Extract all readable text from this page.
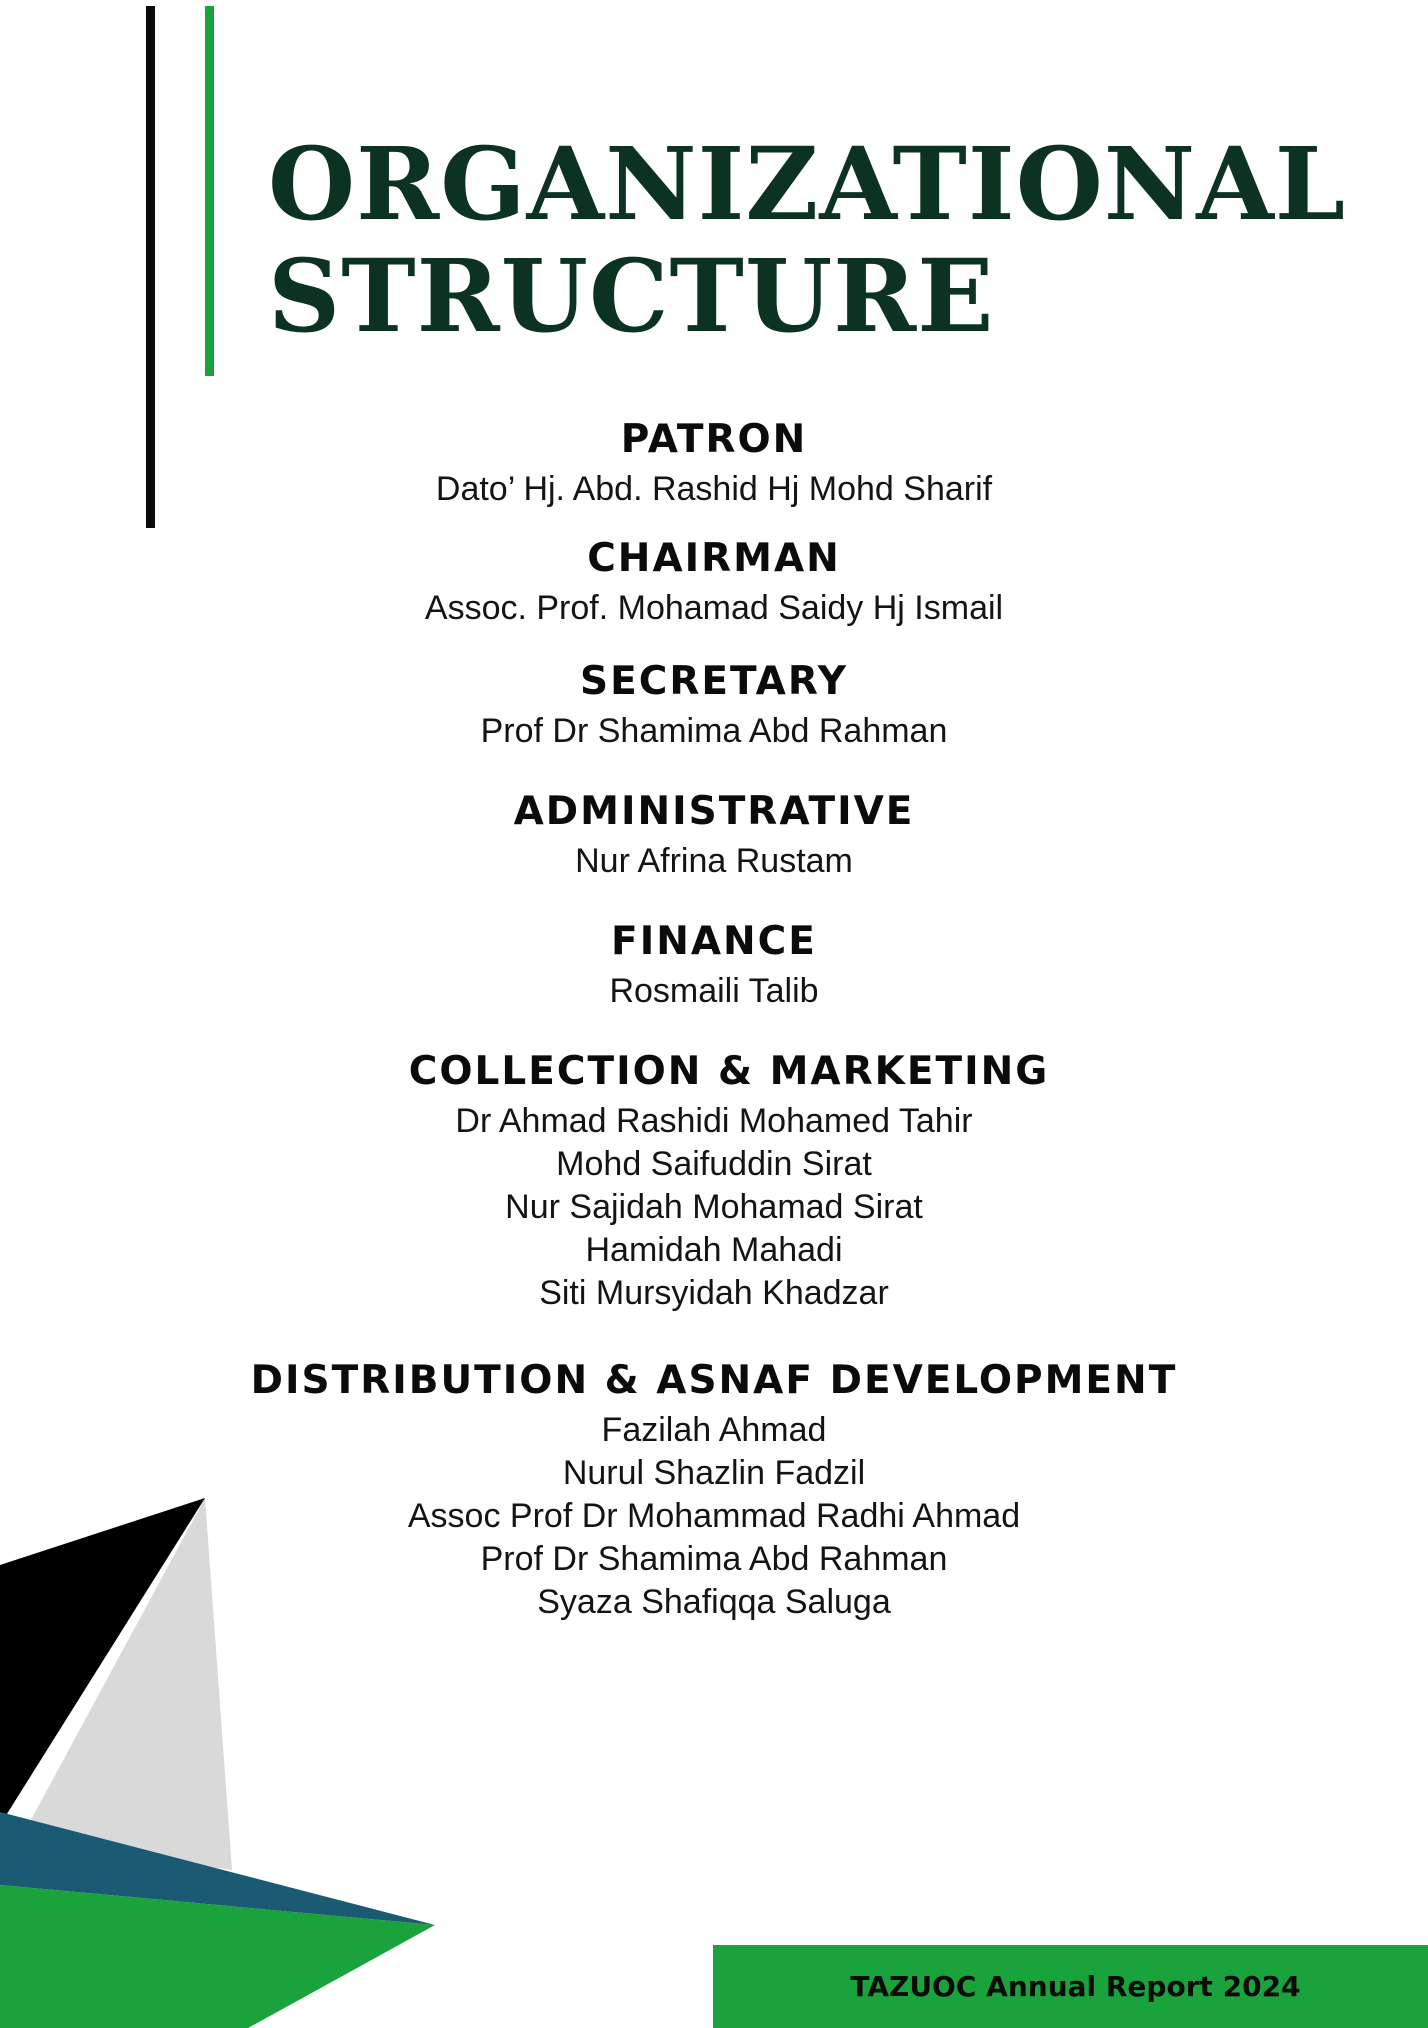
ORGANIZATIONAL
STRUCTURE

PATRON

Dato’ Hj. Abd. Rashid Hj Mohd Sharif

CHAIRMAN

Assoc. Prof. Mohamad Saidy Hj Ismail

SECRETARY

Prof Dr Shamima Abd Rahman

ADMINISTRATIVE

Nur Afrina Rustam

FINANCE

Rosmaili Talib

COLLECTION & MARKETING

Dr Ahmad Rashidi Mohamed Tahir

Mohd Saifuddin Sirat

Nur Sajidah Mohamad Sirat

Hamidah Mahadi

Siti Mursyidah Khadzar

DISTRIBUTION & ASNAF DEVELOPMENT

Fazilah Ahmad

Nurul Shazlin Fadzil

Assoc Prof Dr Mohammad Radhi Ahmad

Prof Dr Shamima Abd Rahman

Syaza Shafiqqa Saluga

TAZUOC Annual Report 2024
